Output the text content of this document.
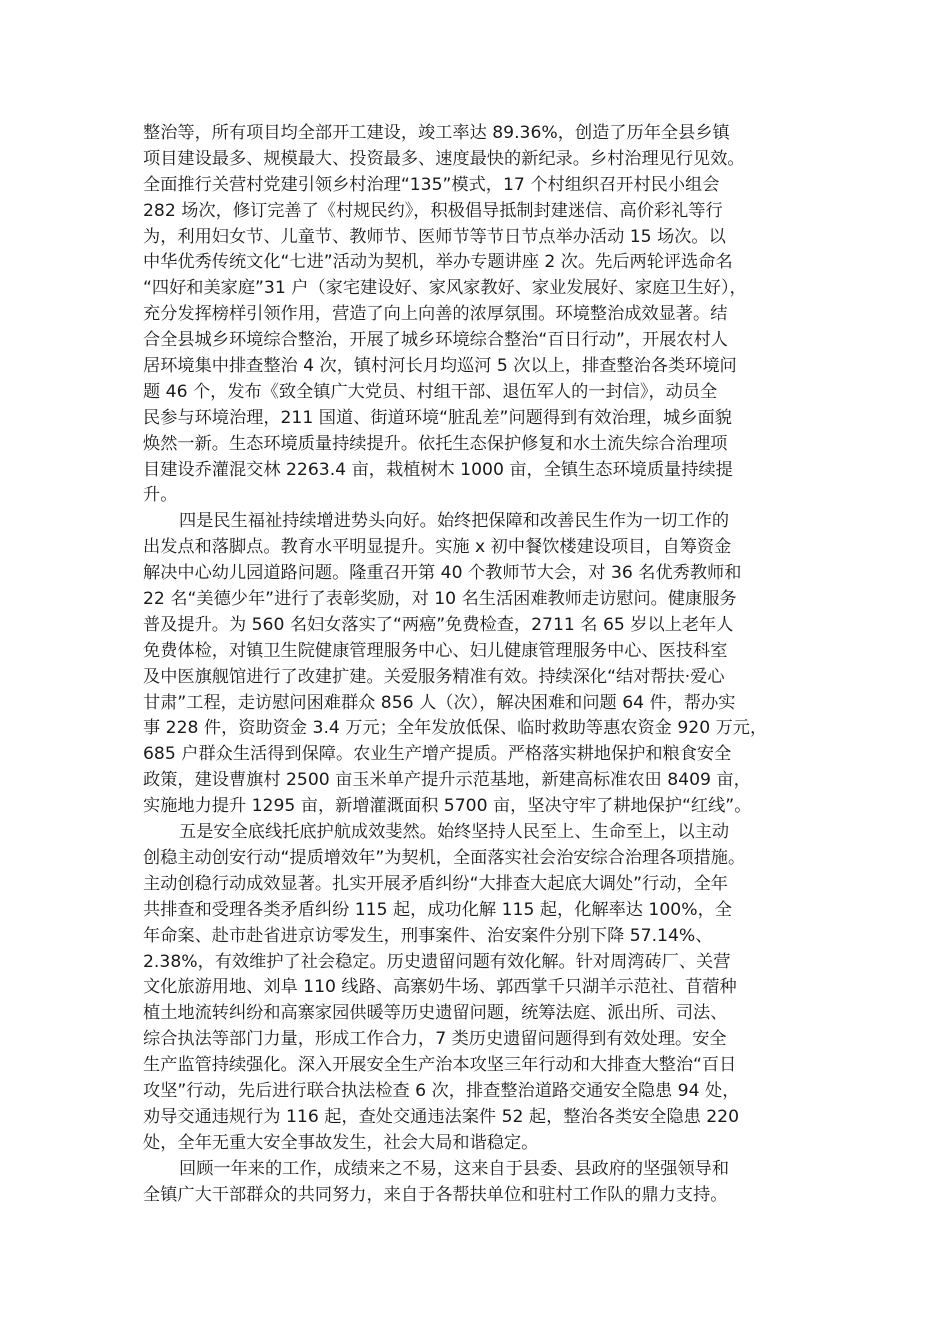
整治等，所有项目均全部开工建设，竣工率达 89.36%，创造了历年全县乡镇
项目建设最多、规模最大、投资最多、速度最快的新纪录。乡村治理见行见效。
全面推行关营村党建引领乡村治理“135”模式，17 个村组织召开村民小组会
282 场次，修订完善了《村规民约》，积极倡导抵制封建迷信、高价彩礼等行
为，利用妇女节、儿童节、教师节、医师节等节日节点举办活动 15 场次。以
中华优秀传统文化“七进”活动为契机，举办专题讲座 2 次。先后两轮评选命名
“四好和美家庭”31 户（家宅建设好、家风家教好、家业发展好、家庭卫生好），
充分发挥榜样引领作用，营造了向上向善的浓厚氛围。环境整治成效显著。结
合全县城乡环境综合整治，开展了城乡环境综合整治“百日行动”，开展农村人
居环境集中排查整治 4 次，镇村河长月均巡河 5 次以上，排查整治各类环境问
题 46 个，发布《致全镇广大党员、村组干部、退伍军人的一封信》，动员全
民参与环境治理，211 国道、街道环境“脏乱差”问题得到有效治理，城乡面貌
焕然一新。生态环境质量持续提升。依托生态保护修复和水土流失综合治理项
目建设乔灌混交林 2263.4 亩，栽植树木 1000 亩，全镇生态环境质量持续提
升。
四是民生福祉持续增进势头向好。始终把保障和改善民生作为一切工作的
出发点和落脚点。教育水平明显提升。实施 x 初中餐饮楼建设项目，自筹资金
解决中心幼儿园道路问题。隆重召开第 40 个教师节大会，对 36 名优秀教师和
22 名“美德少年”进行了表彰奖励，对 10 名生活困难教师走访慰问。健康服务
普及提升。为 560 名妇女落实了“两癌”免费检查，2711 名 65 岁以上老年人
免费体检，对镇卫生院健康管理服务中心、妇儿健康管理服务中心、医技科室
及中医旗舰馆进行了改建扩建。关爱服务精准有效。持续深化“结对帮扶·爱心
甘肃”工程，走访慰问困难群众 856 人（次），解决困难和问题 64 件，帮办实
事 228 件，资助资金 3.4 万元；全年发放低保、临时救助等惠农资金 920 万元，
685 户群众生活得到保障。农业生产增产提质。严格落实耕地保护和粮食安全
政策，建设曹旗村 2500 亩玉米单产提升示范基地，新建高标准农田 8409 亩，
实施地力提升 1295 亩，新增灌溉面积 5700 亩，坚决守牢了耕地保护“红线”。
五是安全底线托底护航成效斐然。始终坚持人民至上、生命至上，以主动
创稳主动创安行动“提质增效年”为契机，全面落实社会治安综合治理各项措施。
主动创稳行动成效显著。扎实开展矛盾纠纷“大排查大起底大调处”行动，全年
共排查和受理各类矛盾纠纷 115 起，成功化解 115 起，化解率达 100%，全
年命案、赴市赴省进京访零发生，刑事案件、治安案件分别下降 57.14%、
2.38%，有效维护了社会稳定。历史遗留问题有效化解。针对周湾砖厂、关营
文化旅游用地、刘阜 110 线路、高寨奶牛场、郭西掌千只湖羊示范社、苜蓿种
植土地流转纠纷和高寨家园供暖等历史遗留问题，统筹法庭、派出所、司法、
综合执法等部门力量，形成工作合力，7 类历史遗留问题得到有效处理。安全
生产监管持续强化。深入开展安全生产治本攻坚三年行动和大排查大整治“百日
攻坚”行动，先后进行联合执法检查 6 次，排查整治道路交通安全隐患 94 处，
劝导交通违规行为 116 起，查处交通违法案件 52 起，整治各类安全隐患 220
处，全年无重大安全事故发生，社会大局和谐稳定。
回顾一年来的工作，成绩来之不易，这来自于县委、县政府的坚强领导和
全镇广大干部群众的共同努力，来自于各帮扶单位和驻村工作队的鼎力支持。
